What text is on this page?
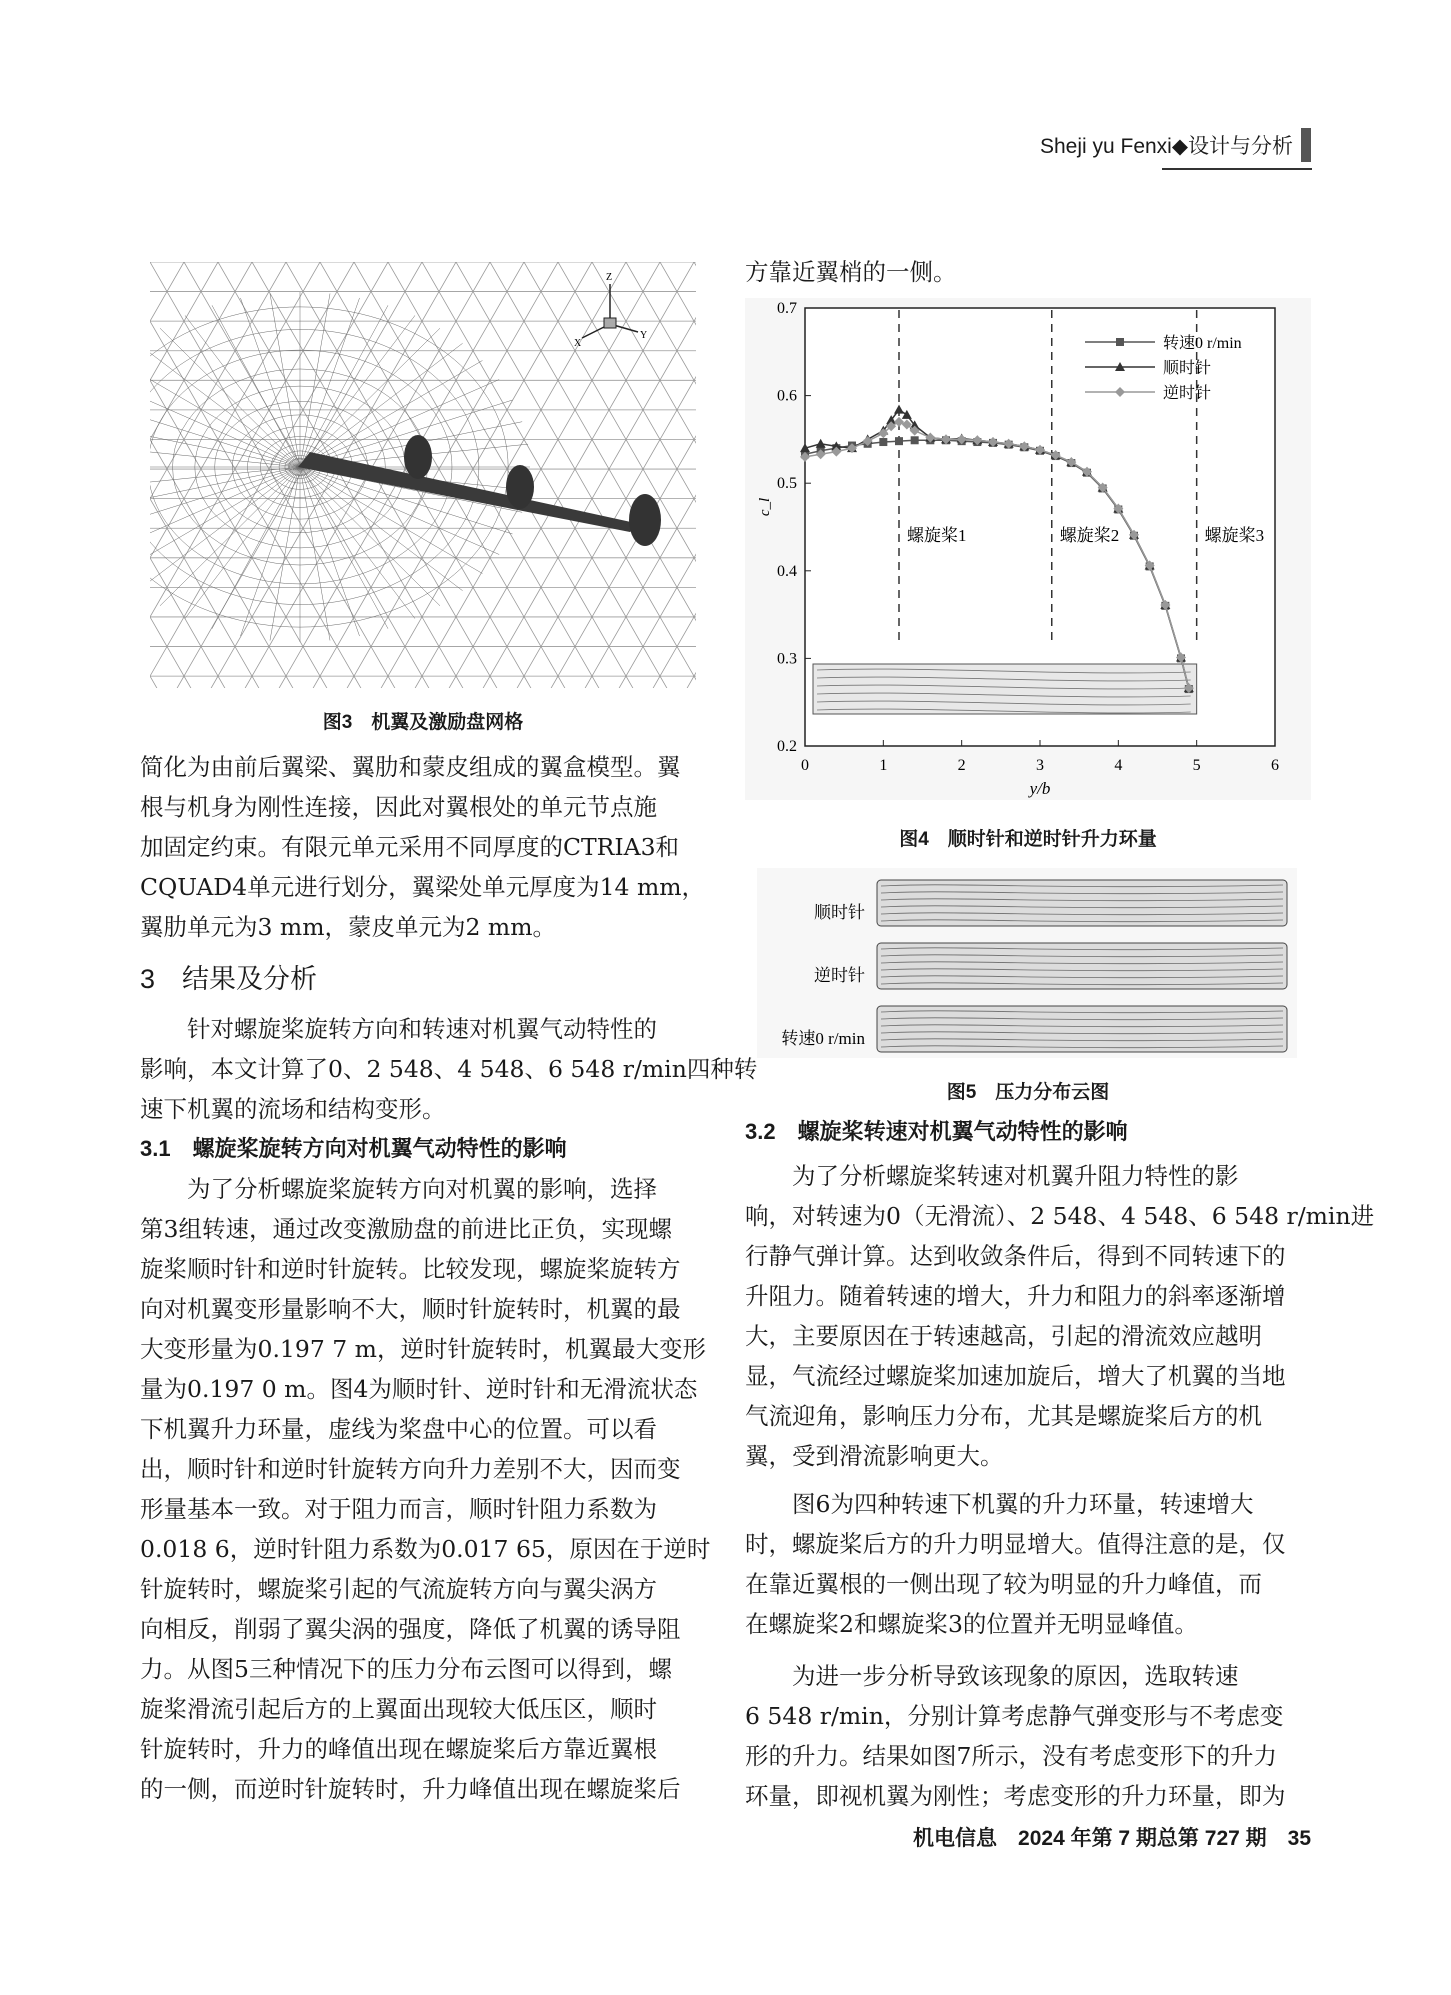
Sheji yu Fenxi◆设计与分析
Z
X
Y
图3　机翼及激励盘网格
简化为由前后翼梁、翼肋和蒙皮组成的翼盒模型。翼
根与机身为刚性连接，因此对翼根处的单元节点施
加固定约束。有限元单元采用不同厚度的CTRIA3和
CQUAD4单元进行划分，翼梁处单元厚度为14 mm，
翼肋单元为3 mm，蒙皮单元为2 mm。
3　结果及分析
针对螺旋桨旋转方向和转速对机翼气动特性的
影响，本文计算了0、2 548、4 548、6 548 r/min四种转
速下机翼的流场和结构变形。
3.1　螺旋桨旋转方向对机翼气动特性的影响
为了分析螺旋桨旋转方向对机翼的影响，选择
第3组转速，通过改变激励盘的前进比正负，实现螺
旋桨顺时针和逆时针旋转。比较发现，螺旋桨旋转方
向对机翼变形量影响不大，顺时针旋转时，机翼的最
大变形量为0.197 7 m，逆时针旋转时，机翼最大变形
量为0.197 0 m。图4为顺时针、逆时针和无滑流状态
下机翼升力环量，虚线为桨盘中心的位置。可以看
出，顺时针和逆时针旋转方向升力差别不大，因而变
形量基本一致。对于阻力而言，顺时针阻力系数为
0.018 6，逆时针阻力系数为0.017 65，原因在于逆时
针旋转时，螺旋桨引起的气流旋转方向与翼尖涡方
向相反，削弱了翼尖涡的强度，降低了机翼的诱导阻
力。从图5三种情况下的压力分布云图可以得到，螺
旋桨滑流引起后方的上翼面出现较大低压区，顺时
针旋转时，升力的峰值出现在螺旋桨后方靠近翼根
的一侧，而逆时针旋转时，升力峰值出现在螺旋桨后
方靠近翼梢的一侧。
0	1	2	3	4	5	6
0.2
0.3
0.4
0.5
0.6
0.7
y/b
c_l
螺旋桨1	螺旋桨2	螺旋桨3
转速0 r/min
顺时针
逆时针
图4　顺时针和逆时针升力环量
顺时针
逆时针
转速0 r/min
图5　压力分布云图
3.2　螺旋桨转速对机翼气动特性的影响
为了分析螺旋桨转速对机翼升阻力特性的影
响，对转速为0（无滑流）、2 548、4 548、6 548 r/min进
行静气弹计算。达到收敛条件后，得到不同转速下的
升阻力。随着转速的增大，升力和阻力的斜率逐渐增
大，主要原因在于转速越高，引起的滑流效应越明
显，气流经过螺旋桨加速加旋后，增大了机翼的当地
气流迎角，影响压力分布，尤其是螺旋桨后方的机
翼，受到滑流影响更大。
图6为四种转速下机翼的升力环量，转速增大
时，螺旋桨后方的升力明显增大。值得注意的是，仅
在靠近翼根的一侧出现了较为明显的升力峰值，而
在螺旋桨2和螺旋桨3的位置并无明显峰值。
为进一步分析导致该现象的原因，选取转速
6 548 r/min，分别计算考虑静气弹变形与不考虑变
形的升力。结果如图7所示，没有考虑变形下的升力
环量，即视机翼为刚性；考虑变形的升力环量，即为
机电信息　2024 年第 7 期总第 727 期　35
